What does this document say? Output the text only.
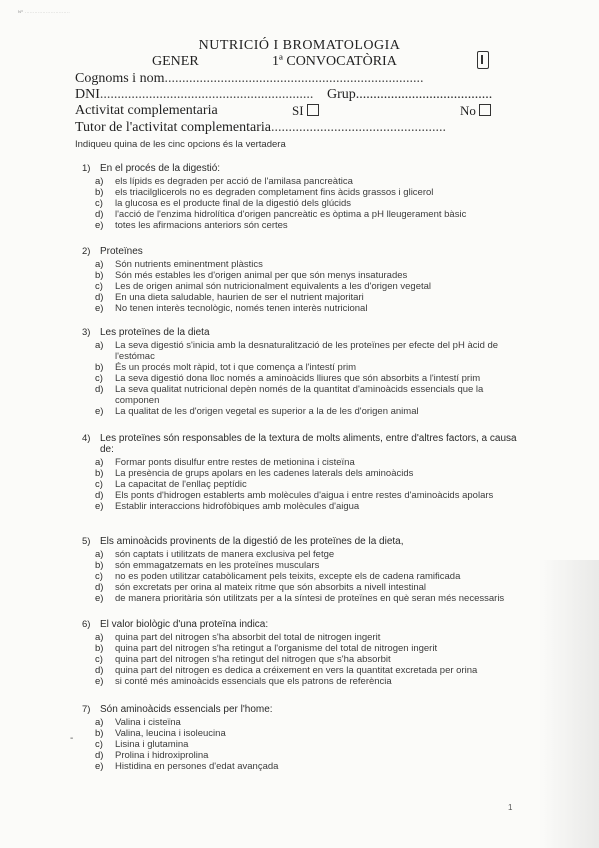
Nº ............................
NUTRICIÓ I BROMATOLOGIA
GENER	1ª CONVOCATÒRIA
Cognoms i nom..........................................................................
DNI............................................................. Grup.......................................
Activitat complementaria	SI	No
Tutor de l'activitat complementaria..................................................
Indiqueu quina de les cinc opcions és la vertadera
1) En el procés de la digestió:
a)	els lípids es degraden per acció de l'amilasa pancreàtica
b)	els triacilglicerols no es degraden completament fins àcids grassos i glicerol
c)	la glucosa es el producte final de la digestió dels glúcids
d)	l'acció de l'enzima hidrolítica d'origen pancreàtic es òptima a pH lleugerament bàsic
e)	totes les afirmacions anteriors són certes
2) Proteïnes
a)	Són nutrients eminentment plàstics
b)	Són més estables les d'origen animal per que són menys insaturades
c)	Les de origen animal són nutricionalment equivalents a les d'origen vegetal
d)	En una dieta saludable, haurien de ser el nutrient majoritari
e)	No tenen interès tecnològic, només tenen interès nutricional
3) Les proteïnes de la dieta
a)	La seva digestió s'inicia amb la desnaturalització de les proteïnes per efecte del pH àcid de l'estómac
b)	És un procés molt ràpid, tot i que comença a l'intestí prim
c)	La seva digestió dona lloc només a aminoàcids lliures que són absorbits a l'intestí prim
d)	La seva qualitat nutricional depèn només de la quantitat d'aminoàcids essencials que la componen
e)	La qualitat de les d'origen vegetal es superior a la de les d'origen animal
4) Les proteïnes són responsables de la textura de molts aliments, entre d'altres factors, a causa de:
a)	Formar ponts disulfur entre restes de metionina i cisteïna
b)	La presència de grups apolars en les cadenes laterals dels aminoàcids
c)	La capacitat de l'enllaç peptídic
d)	Els ponts d'hidrogen establerts amb molècules d'aigua i entre restes d'aminoàcids apolars
e)	Establir interaccions hidrofòbiques amb molècules d'aigua
5) Els aminoàcids provinents de la digestió de les proteïnes de la dieta,
a)	són captats i utilitzats de manera exclusiva pel fetge
b)	són emmagatzemats en les proteïnes musculars
c)	no es poden utilitzar catabòlicament pels teixits, excepte els de cadena ramificada
d)	són excretats per orina al mateix ritme que són absorbits a nivell intestinal
e)	de manera prioritària són utilitzats per a la síntesi de proteïnes en què seran més necessaris
6) El valor biològic d'una proteïna indica:
a)	quina part del nitrogen s'ha absorbit del total de nitrogen ingerit
b)	quina part del nitrogen s'ha retingut a l'organisme del total de nitrogen ingerit
c)	quina part del nitrogen s'ha retingut del nitrogen que s'ha absorbit
d)	quina part del nitrogen es dedica a créixement en vers la quantitat excretada per orina
e)	si conté més aminoàcids essencials que els patrons de referència
7) Són aminoàcids essencials per l'home:
a)	Valina i cisteïna
b)	Valina, leucina i isoleucina
c)	Lisina i glutamina
d)	Prolina i hidroxiprolina
e)	Histidina en persones d'edat avançada
-
1
